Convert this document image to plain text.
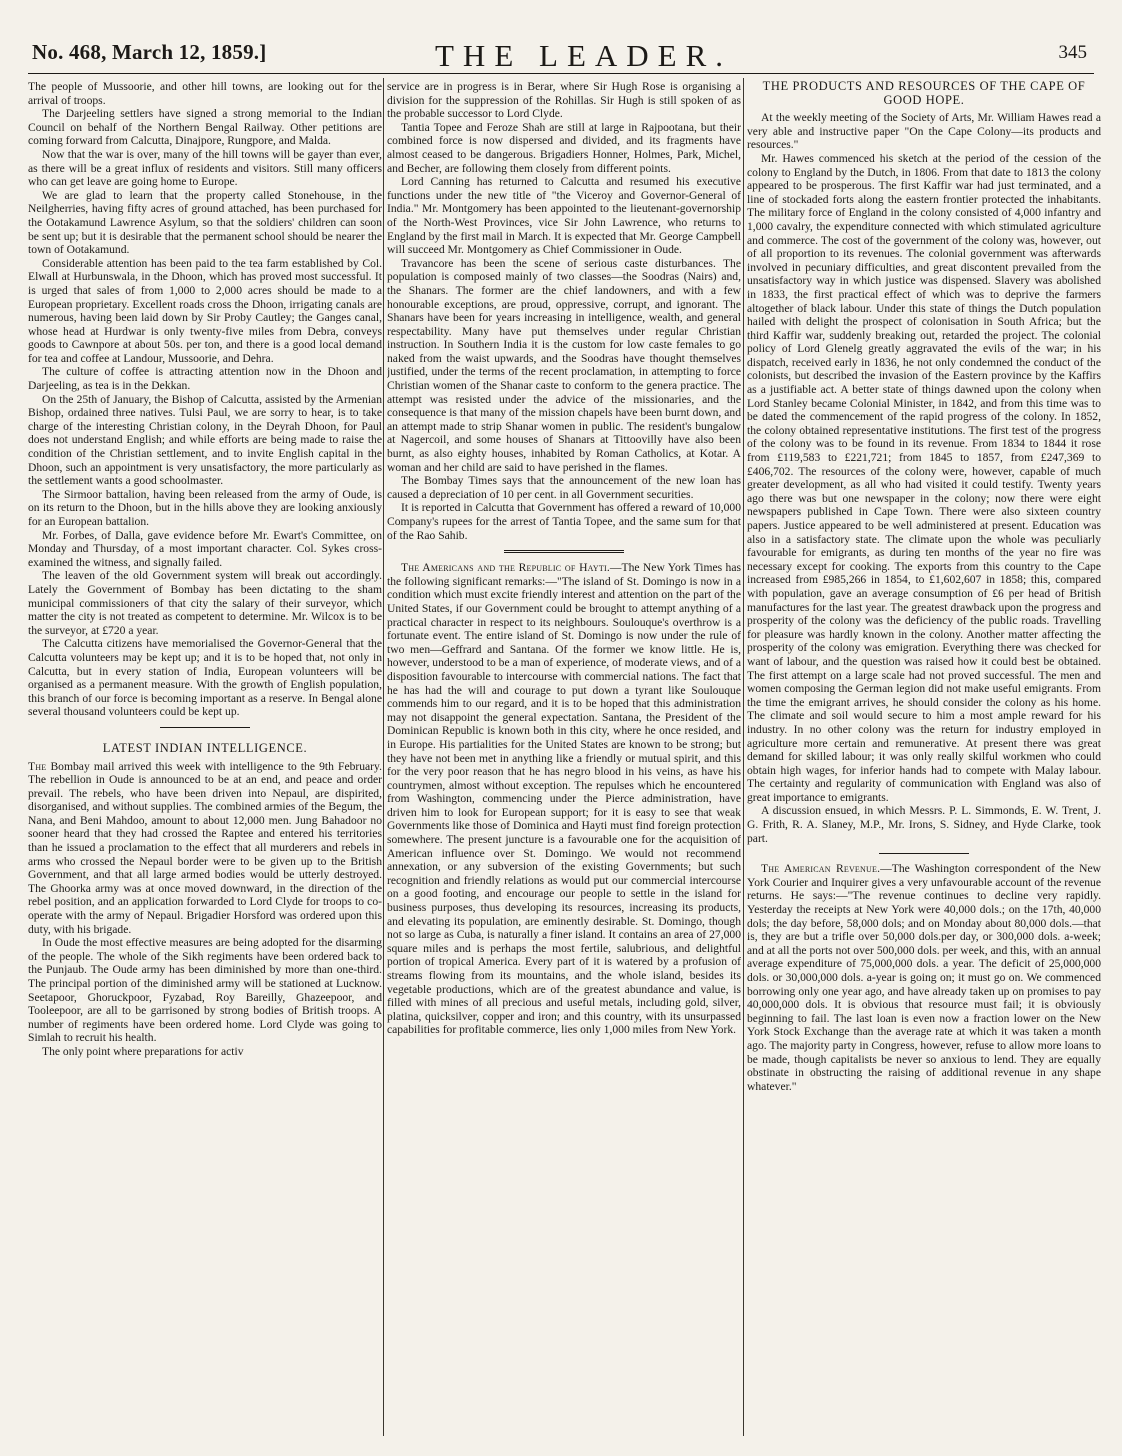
No. 468, March 12, 1859.]	THE LEADER.	345

The people of Mussoorie, and other hill towns, are looking out for the arrival of troops.

The Darjeeling settlers have signed a strong memorial to the Indian Council on behalf of the Northern Bengal Railway. Other petitions are coming forward from Calcutta, Dinajpore, Rungpore, and Malda.

Now that the war is over, many of the hill towns will be gayer than ever, as there will be a great influx of residents and visitors. Still many officers who can get leave are going home to Europe.

We are glad to learn that the property called Stonehouse, in the Neilgherries, having fifty acres of ground attached, has been purchased for the Ootakamund Lawrence Asylum, so that the soldiers' children can soon be sent up; but it is desirable that the permanent school should be nearer the town of Ootakamund.

Considerable attention has been paid to the tea farm established by Col. Elwall at Hurbunswala, in the Dhoon, which has proved most successful. It is urged that sales of from 1,000 to 2,000 acres should be made to a European proprietary. Excellent roads cross the Dhoon, irrigating canals are numerous, having been laid down by Sir Proby Cautley; the Ganges canal, whose head at Hurdwar is only twenty-five miles from Debra, conveys goods to Cawnpore at about 50s. per ton, and there is a good local demand for tea and coffee at Landour, Mussoorie, and Dehra.

The culture of coffee is attracting attention now in the Dhoon and Darjeeling, as tea is in the Dekkan.

On the 25th of January, the Bishop of Calcutta, assisted by the Armenian Bishop, ordained three natives. Tulsi Paul, we are sorry to hear, is to take charge of the interesting Christian colony, in the Deyrah Dhoon, for Paul does not understand English; and while efforts are being made to raise the condition of the Christian settlement, and to invite English capital in the Dhoon, such an appointment is very unsatisfactory, the more particularly as the settlement wants a good schoolmaster.

The Sirmoor battalion, having been released from the army of Oude, is on its return to the Dhoon, but in the hills above they are looking anxiously for an European battalion.

Mr. Forbes, of Dalla, gave evidence before Mr. Ewart's Committee, on Monday and Thursday, of a most important character. Col. Sykes cross-examined the witness, and signally failed.

The leaven of the old Government system will break out accordingly. Lately the Government of Bombay has been dictating to the sham municipal commissioners of that city the salary of their surveyor, which matter the city is not treated as competent to determine. Mr. Wilcox is to be the surveyor, at £720 a year.

The Calcutta citizens have memorialised the Governor-General that the Calcutta volunteers may be kept up; and it is to be hoped that, not only in Calcutta, but in every station of India, European volunteers will be organised as a permanent measure. With the growth of English population, this branch of our force is becoming important as a reserve. In Bengal alone several thousand volunteers could be kept up.

LATEST INDIAN INTELLIGENCE.

The Bombay mail arrived this week with intelligence to the 9th February. The rebellion in Oude is announced to be at an end, and peace and order prevail. The rebels, who have been driven into Nepaul, are dispirited, disorganised, and without supplies. The combined armies of the Begum, the Nana, and Beni Mahdoo, amount to about 12,000 men. Jung Bahadoor no sooner heard that they had crossed the Raptee and entered his territories than he issued a proclamation to the effect that all murderers and rebels in arms who crossed the Nepaul border were to be given up to the British Government, and that all large armed bodies would be utterly destroyed. The Ghoorka army was at once moved downward, in the direction of the rebel position, and an application forwarded to Lord Clyde for troops to co-operate with the army of Nepaul. Brigadier Horsford was ordered upon this duty, with his brigade.

In Oude the most effective measures are being adopted for the disarming of the people. The whole of the Sikh regiments have been ordered back to the Punjaub. The Oude army has been diminished by more than one-third. The principal portion of the diminished army will be stationed at Lucknow. Seetapoor, Ghoruckpoor, Fyzabad, Roy Bareilly, Ghazeepoor, and Tooleepoor, are all to be garrisoned by strong bodies of British troops. A number of regiments have been ordered home. Lord Clyde was going to Simlah to recruit his health.

The only point where preparations for activ

service are in progress is in Berar, where Sir Hugh Rose is organising a division for the suppression of the Rohillas. Sir Hugh is still spoken of as the probable successor to Lord Clyde.

Tantia Topee and Feroze Shah are still at large in Rajpootana, but their combined force is now dispersed and divided, and its fragments have almost ceased to be dangerous. Brigadiers Honner, Holmes, Park, Michel, and Becher, are following them closely from different points.

Lord Canning has returned to Calcutta and resumed his executive functions under the new title of "the Viceroy and Governor-General of India." Mr. Montgomery has been appointed to the lieutenant-governorship of the North-West Provinces, vice Sir John Lawrence, who returns to England by the first mail in March. It is expected that Mr. George Campbell will succeed Mr. Montgomery as Chief Commissioner in Oude.

Travancore has been the scene of serious caste disturbances. The population is composed mainly of two classes—the Soodras (Nairs) and, the Shanars. The former are the chief landowners, and with a few honourable exceptions, are proud, oppressive, corrupt, and ignorant. The Shanars have been for years increasing in intelligence, wealth, and general respectability. Many have put themselves under regular Christian instruction. In Southern India it is the custom for low caste females to go naked from the waist upwards, and the Soodras have thought themselves justified, under the terms of the recent proclamation, in attempting to force Christian women of the Shanar caste to conform to the genera practice. The attempt was resisted under the advice of the missionaries, and the consequence is that many of the mission chapels have been burnt down, and an attempt made to strip Shanar women in public. The resident's bungalow at Nagercoil, and some houses of Shanars at Tittoovilly have also been burnt, as also eighty houses, inhabited by Roman Catholics, at Kotar. A woman and her child are said to have perished in the flames.

The Bombay Times says that the announcement of the new loan has caused a depreciation of 10 per cent. in all Government securities.

It is reported in Calcutta that Government has offered a reward of 10,000 Company's rupees for the arrest of Tantia Topee, and the same sum for that of the Rao Sahib.

The Americans and the Republic of Hayti.—The New York Times has the following significant remarks:—"The island of St. Domingo is now in a condition which must excite friendly interest and attention on the part of the United States, if our Government could be brought to attempt anything of a practical character in respect to its neighbours. Soulouque's overthrow is a fortunate event. The entire island of St. Domingo is now under the rule of two men—Geffrard and Santana. Of the former we know little. He is, however, understood to be a man of experience, of moderate views, and of a disposition favourable to intercourse with commercial nations. The fact that he has had the will and courage to put down a tyrant like Soulouque commends him to our regard, and it is to be hoped that this administration may not disappoint the general expectation. Santana, the President of the Dominican Republic is known both in this city, where he once resided, and in Europe. His partialities for the United States are known to be strong; but they have not been met in anything like a friendly or mutual spirit, and this for the very poor reason that he has negro blood in his veins, as have his countrymen, almost without exception. The repulses which he encountered from Washington, commencing under the Pierce administration, have driven him to look for European support; for it is easy to see that weak Governments like those of Dominica and Hayti must find foreign protection somewhere. The present juncture is a favourable one for the acquisition of American influence over St. Domingo. We would not recommend annexation, or any subversion of the existing Governments; but such recognition and friendly relations as would put our commercial intercourse on a good footing, and encourage our people to settle in the island for business purposes, thus developing its resources, increasing its products, and elevating its population, are eminently desirable. St. Domingo, though not so large as Cuba, is naturally a finer island. It contains an area of 27,000 square miles and is perhaps the most fertile, salubrious, and delightful portion of tropical America. Every part of it is watered by a profusion of streams flowing from its mountains, and the whole island, besides its vegetable productions, which are of the greatest abundance and value, is filled with mines of all precious and useful metals, including gold, silver, platina, quicksilver, copper and iron; and this country, with its unsurpassed capabilities for profitable commerce, lies only 1,000 miles from New York.

THE PRODUCTS AND RESOURCES OF THE CAPE OF GOOD HOPE.

At the weekly meeting of the Society of Arts, Mr. William Hawes read a very able and instructive paper "On the Cape Colony—its products and resources."

Mr. Hawes commenced his sketch at the period of the cession of the colony to England by the Dutch, in 1806. From that date to 1813 the colony appeared to be prosperous. The first Kaffir war had just terminated, and a line of stockaded forts along the eastern frontier protected the inhabitants. The military force of England in the colony consisted of 4,000 infantry and 1,000 cavalry, the expenditure connected with which stimulated agriculture and commerce. The cost of the government of the colony was, however, out of all proportion to its revenues. The colonial government was afterwards involved in pecuniary difficulties, and great discontent prevailed from the unsatisfactory way in which justice was dispensed. Slavery was abolished in 1833, the first practical effect of which was to deprive the farmers altogether of black labour. Under this state of things the Dutch population hailed with delight the prospect of colonisation in South Africa; but the third Kaffir war, suddenly breaking out, retarded the project. The colonial policy of Lord Glenelg greatly aggravated the evils of the war; in his dispatch, received early in 1836, he not only condemned the conduct of the colonists, but described the invasion of the Eastern province by the Kaffirs as a justifiable act. A better state of things dawned upon the colony when Lord Stanley became Colonial Minister, in 1842, and from this time was to be dated the commencement of the rapid progress of the colony. In 1852, the colony obtained representative institutions. The first test of the progress of the colony was to be found in its revenue. From 1834 to 1844 it rose from £119,583 to £221,721; from 1845 to 1857, from £247,369 to £406,702. The resources of the colony were, however, capable of much greater development, as all who had visited it could testify. Twenty years ago there was but one newspaper in the colony; now there were eight newspapers published in Cape Town. There were also sixteen country papers. Justice appeared to be well administered at present. Education was also in a satisfactory state. The climate upon the whole was peculiarly favourable for emigrants, as during ten months of the year no fire was necessary except for cooking. The exports from this country to the Cape increased from £985,266 in 1854, to £1,602,607 in 1858; this, compared with population, gave an average consumption of £6 per head of British manufactures for the last year. The greatest drawback upon the progress and prosperity of the colony was the deficiency of the public roads. Travelling for pleasure was hardly known in the colony. Another matter affecting the prosperity of the colony was emigration. Everything there was checked for want of labour, and the question was raised how it could best be obtained. The first attempt on a large scale had not proved successful. The men and women composing the German legion did not make useful emigrants. From the time the emigrant arrives, he should consider the colony as his home. The climate and soil would secure to him a most ample reward for his industry. In no other colony was the return for industry employed in agriculture more certain and remunerative. At present there was great demand for skilled labour; it was only really skilful workmen who could obtain high wages, for inferior hands had to compete with Malay labour. The certainty and regularity of communication with England was also of great importance to emigrants.

A discussion ensued, in which Messrs. P. L. Simmonds, E. W. Trent, J. G. Frith, R. A. Slaney, M.P., Mr. Irons, S. Sidney, and Hyde Clarke, took part.

The American Revenue.—The Washington correspondent of the New York Courier and Inquirer gives a very unfavourable account of the revenue returns. He says:—"The revenue continues to decline very rapidly. Yesterday the receipts at New York were 40,000 dols.; on the 17th, 40,000 dols; the day before, 58,000 dols; and on Monday about 80,000 dols.—that is, they are but a trifle over 50,000 dols.per day, or 300,000 dols. a-week; and at all the ports not over 500,000 dols. per week, and this, with an annual average expenditure of 75,000,000 dols. a year. The deficit of 25,000,000 dols. or 30,000,000 dols. a-year is going on; it must go on. We commenced borrowing only one year ago, and have already taken up on promises to pay 40,000,000 dols. It is obvious that resource must fail; it is obviously beginning to fail. The last loan is even now a fraction lower on the New York Stock Exchange than the average rate at which it was taken a month ago. The majority party in Congress, however, refuse to allow more loans to be made, though capitalists be never so anxious to lend. They are equally obstinate in obstructing the raising of additional revenue in any shape whatever."
